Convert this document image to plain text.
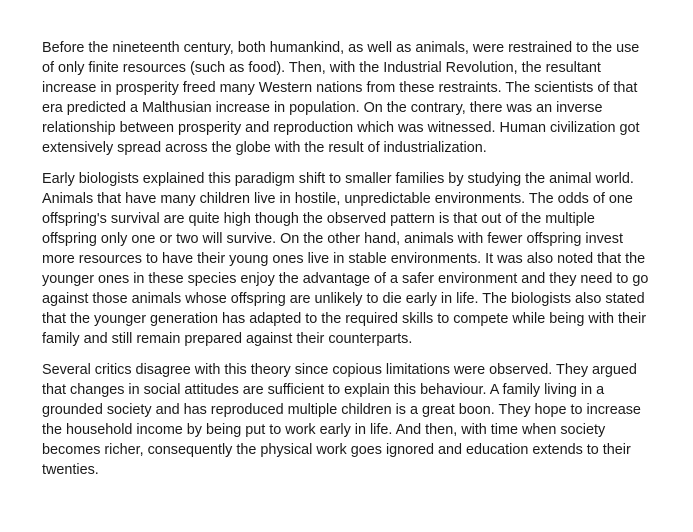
Before the nineteenth century, both humankind, as well as animals, were restrained to the use of only finite resources (such as food). Then, with the Industrial Revolution, the resultant increase in prosperity freed many Western nations from these restraints. The scientists of that era predicted a Malthusian increase in population. On the contrary, there was an inverse relationship between prosperity and reproduction which was witnessed. Human civilization got extensively spread across the globe with the result of industrialization.

Early biologists explained this paradigm shift to smaller families by studying the animal world. Animals that have many children live in hostile, unpredictable environments. The odds of one offspring's survival are quite high though the observed pattern is that out of the multiple offspring only one or two will survive. On the other hand, animals with fewer offspring invest more resources to have their young ones live in stable environments. It was also noted that the younger ones in these species enjoy the advantage of a safer environment and they need to go against those animals whose offspring are unlikely to die early in life. The biologists also stated that the younger generation has adapted to the required skills to compete while being with their family and still remain prepared against their counterparts.

Several critics disagree with this theory since copious limitations were observed. They argued that changes in social attitudes are sufficient to explain this behaviour. A family living in a grounded society and has reproduced multiple children is a great boon. They hope to increase the household income by being put to work early in life. And then, with time when society becomes richer, consequently the physical work goes ignored and education extends to their twenties.
